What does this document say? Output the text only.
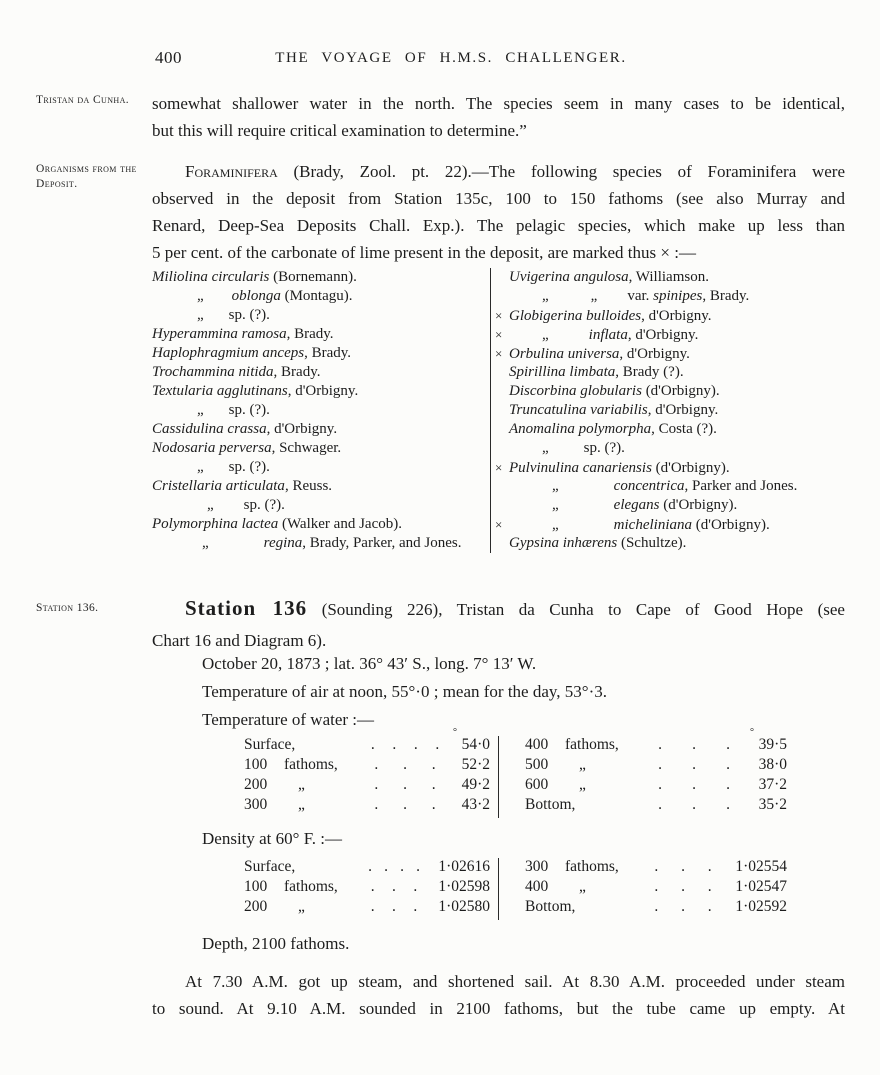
400	THE VOYAGE OF H.M.S. CHALLENGER.
Tristan da Cunha.
Organisms from the Deposit.
Station 136.
somewhat shallower water in the north. The species seem in many cases to be identical,
but this will require critical examination to determine.”
Foraminifera (Brady, Zool. pt. 22).—The following species of Foraminifera were
observed in the deposit from Station 135c, 100 to 150 fathoms (see also Murray and
Renard, Deep-Sea Deposits Chall. Exp.). The pelagic species, which make up less than
5 per cent. of the carbonate of lime present in the deposit, are marked thus × :—
Miliolina circularis (Bornemann).
„ oblonga (Montagu).
„ sp. (?).
Hyperammina ramosa, Brady.
Haplophragmium anceps, Brady.
Trochammina nitida, Brady.
Textularia agglutinans, d'Orbigny.
„ sp. (?).
Cassidulina crassa, d'Orbigny.
Nodosaria perversa, Schwager.
„ sp. (?).
Cristellaria articulata, Reuss.
„ sp. (?).
Polymorphina lactea (Walker and Jacob).
„	regina, Brady, Parker, and Jones.
Uvigerina angulosa, Williamson.
„	„ var. spinipes, Brady.
× Globigerina bulloides, d'Orbigny.
×	„	inflata, d'Orbigny.
× Orbulina universa, d'Orbigny.
Spirillina limbata, Brady (?).
Discorbina globularis (d'Orbigny).
Truncatulina variabilis, d'Orbigny.
Anomalina polymorpha, Costa (?).
„ sp. (?).
× Pulvinulina canariensis (d'Orbigny).
„	concentrica, Parker and Jones.
„	elegans (d'Orbigny).
×	„	micheliniana (d'Orbigny).
Gypsina inhærens (Schultze).
Station 136 (Sounding 226), Tristan da Cunha to Cape of Good Hope (see
Chart 16 and Diagram 6).
October 20, 1873 ; lat. 36° 43′ S., long. 7° 13′ W.
Temperature of air at noon, 55°·0 ; mean for the day, 53°·3.
Temperature of water :—
Surface,	.	.	.	.	54·0
°
100 fathoms,	.	.	.	52·2
200 „	.	.	.	49·2
300 „	.	.	.	43·2
400 fathoms,	.	.	.	39·5
°
500 „	.	.	.	38·0
600 „	.	.	.	37·2
Bottom,	.	.	.	35·2
Density at 60° F. :—
Surface,	. . . .	1·02616
100 fathoms,	.	.	.	1·02598
200 „	.	.	.	1·02580
300 fathoms,	.	.	.	1·02554
400 „	.	.	.	1·02547
Bottom,	.	.	.	1·02592
Depth, 2100 fathoms.
At 7.30 A.M. got up steam, and shortened sail. At 8.30 A.M. proceeded under steam
to sound. At 9.10 A.M. sounded in 2100 fathoms, but the tube came up empty. At
